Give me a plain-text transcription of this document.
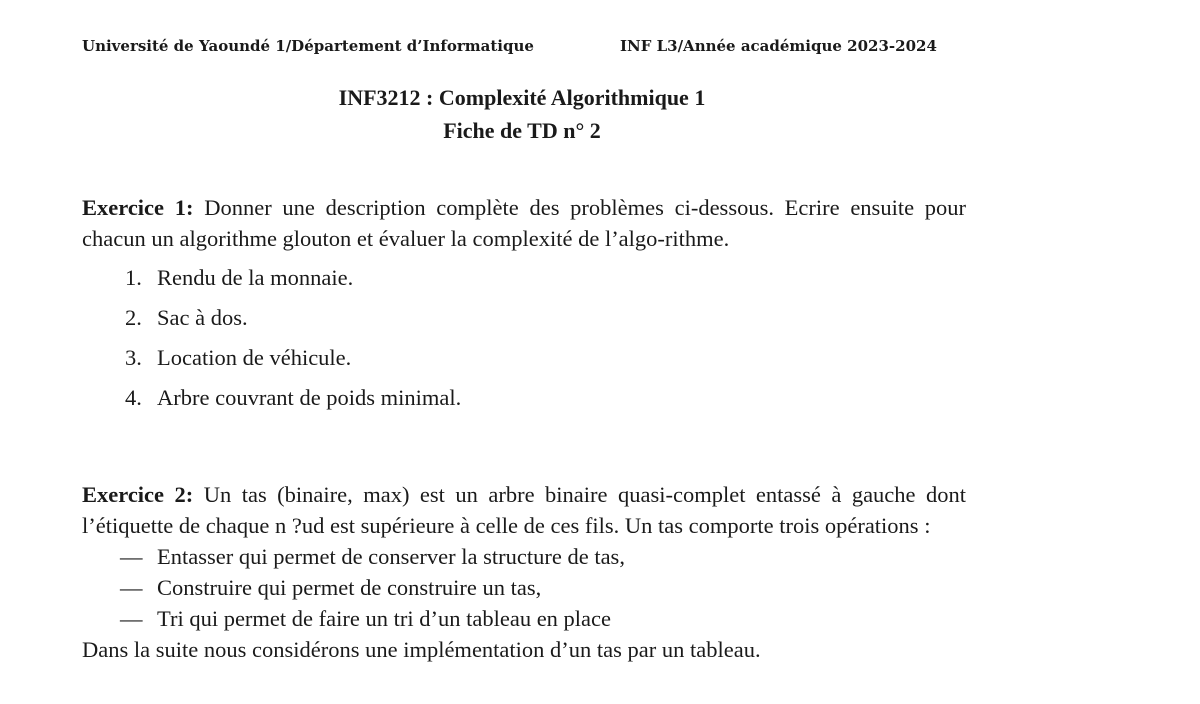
Université de Yaoundé 1/Département d’Informatique	INF L3/Année académique 2023-2024
INF3212 : Complexité Algorithmique 1
Fiche de TD n° 2
Exercice 1: Donner une description complète des problèmes ci-dessous. Ecrire ensuite pour chacun un algorithme glouton et évaluer la complexité de l’algo-rithme.
1. Rendu de la monnaie.
2. Sac à dos.
3. Location de véhicule.
4. Arbre couvrant de poids minimal.
Exercice 2: Un tas (binaire, max) est un arbre binaire quasi-complet entassé à gauche dont l’étiquette de chaque n ?ud est supérieure à celle de ces fils. Un tas comporte trois opérations :
— Entasser qui permet de conserver la structure de tas,
— Construire qui permet de construire un tas,
— Tri qui permet de faire un tri d’un tableau en place
Dans la suite nous considérons une implémentation d’un tas par un tableau.
